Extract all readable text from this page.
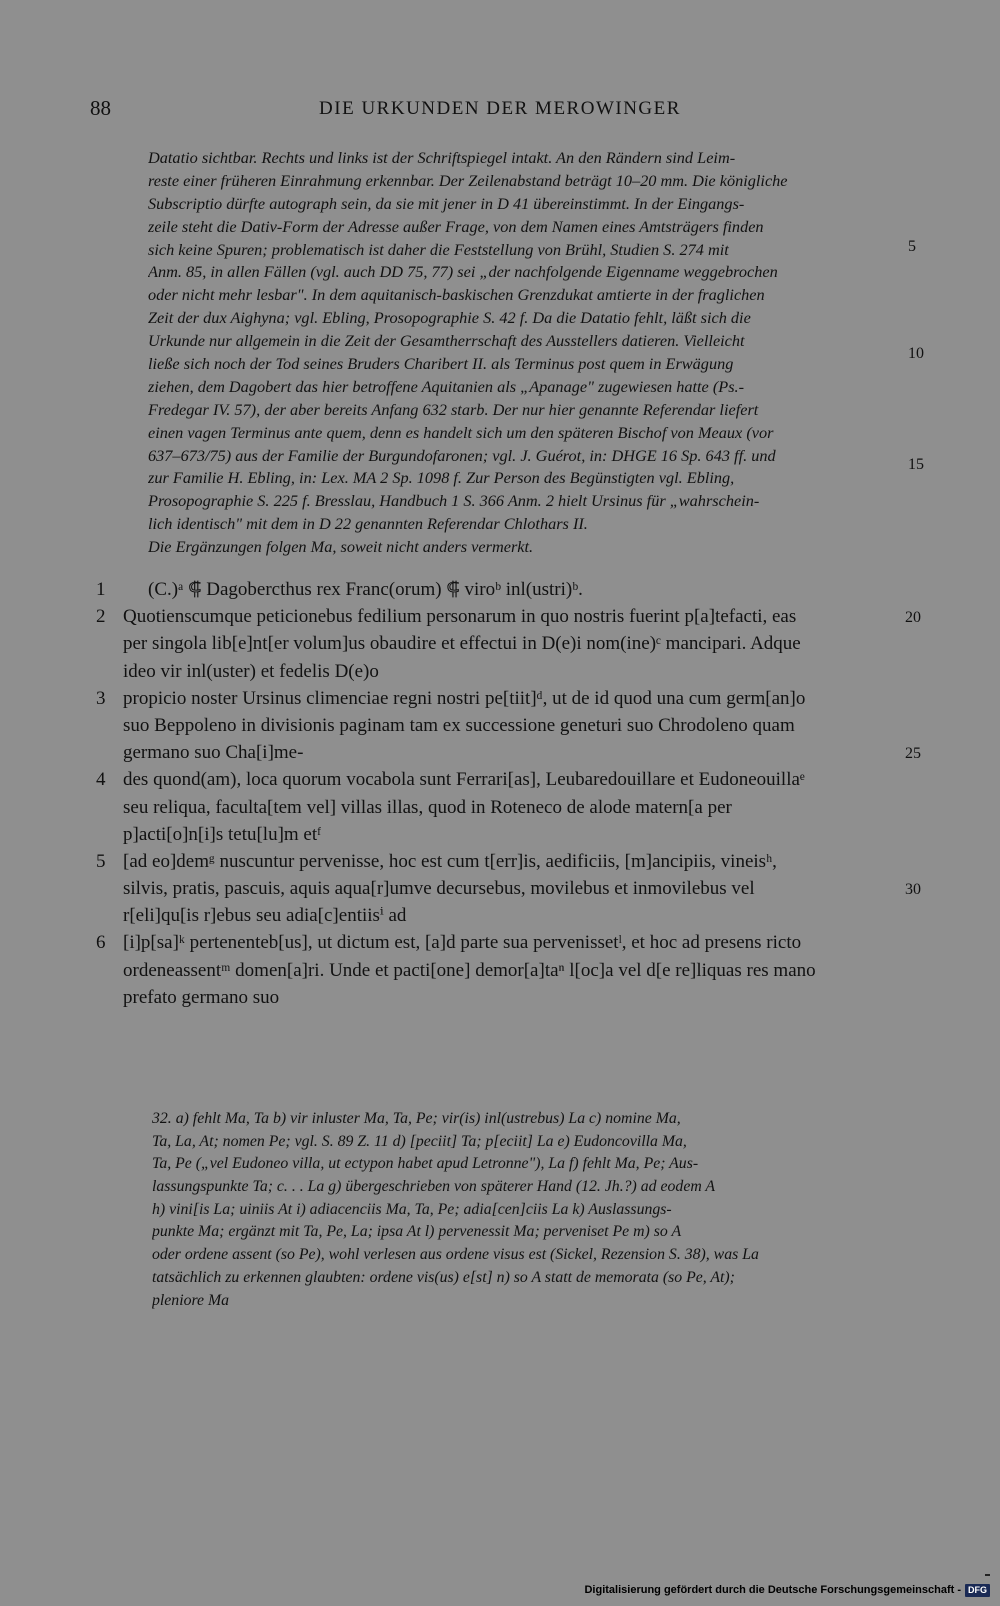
88	DIE URKUNDEN DER MEROWINGER
Datatio sichtbar. Rechts und links ist der Schriftspiegel intakt. An den Rändern sind Leim-
reste einer früheren Einrahmung erkennbar. Der Zeilenabstand beträgt 10–20 mm. Die königliche
Subscriptio dürfte autograph sein, da sie mit jener in D 41 übereinstimmt. In der Eingangs-
zeile steht die Dativ-Form der Adresse außer Frage, von dem Namen eines Amtsträgers finden
sich keine Spuren; problematisch ist daher die Feststellung von Brühl, Studien S. 274 mit
Anm. 85, in allen Fällen (vgl. auch DD 75, 77) sei „der nachfolgende Eigenname weggebrochen
oder nicht mehr lesbar". In dem aquitanisch-baskischen Grenzdukat amtierte in der fraglichen
Zeit der dux Aighyna; vgl. Ebling, Prosopographie S. 42 f. Da die Datatio fehlt, läßt sich die
Urkunde nur allgemein in die Zeit der Gesamtherrschaft des Ausstellers datieren. Vielleicht
ließe sich noch der Tod seines Bruders Charibert II. als Terminus post quem in Erwägung
ziehen, dem Dagobert das hier betroffene Aquitanien als „Apanage" zugewiesen hatte (Ps.-
Fredegar IV. 57), der aber bereits Anfang 632 starb. Der nur hier genannte Referendar liefert
einen vagen Terminus ante quem, denn es handelt sich um den späteren Bischof von Meaux (vor
637–673/75) aus der Familie der Burgundofaronen; vgl. J. Guérot, in: DHGE 16 Sp. 643 ff. und
zur Familie H. Ebling, in: Lex. MA 2 Sp. 1098 f. Zur Person des Begünstigten vgl. Ebling,
Prosopographie S. 225 f. Bresslau, Handbuch 1 S. 366 Anm. 2 hielt Ursinus für „wahrschein-
lich identisch" mit dem in D 22 genannten Referendar Chlothars II.
Die Ergänzungen folgen Ma, soweit nicht anders vermerkt.
5
10
15
1	(C.)ᵃ ⸿ Dagobercthus rex Franc(orum) ⸿ virоᵇ inl(ustri)ᵇ.
2 Quotienscumque peticionebus fedilium personarum in quo nostris fuerint p[a]tefacti, eas
per singola lib[e]nt[er volum]us obaudire et effectui in D(e)i nom(ine)ᶜ mancipari. Adque
ideo vir inl(uster) et fedelis D(e)o
3 propicio noster Ursinus climenciae regni nostri pe[tiit]ᵈ, ut de id quod una cum germ[an]o
suo Beppoleno in divisionis paginam tam ex successione geneturi suo Chrodoleno quam
germano suo Cha[i]me-
4 des quond(am), loca quorum vocabola sunt Ferrari[as], Leubaredouillare et Eudoneouillaᵉ
seu reliqua, faculta[tem vel] villas illas, quod in Roteneco de alode matern[a per
p]acti[o]n[i]s tetu[lu]m etᶠ
5 [ad eo]demᵍ nuscuntur pervenisse, hoc est cum t[err]is, aedificiis, [m]ancipiis, vineisʰ,
silvis, pratis, pascuis, aquis aqua[r]umve decursebus, movilebus et inmovilebus vel
r[eli]qu[is r]ebus seu adia[c]entiisⁱ ad
6 [i]p[sa]ᵏ pertenenteb[us], ut dictum est, [a]d parte sua pervenissetˡ, et hoc ad presens ricto
ordeneassentᵐ domen[a]ri. Unde et pacti[one] demor[a]taⁿ l[oc]a vel d[e re]liquas res mano
prefato germano suo
20
25
30
32. a) fehlt Ma, Ta b) vir inluster Ma, Ta, Pe; vir(is) inl(ustrebus) La c) nomine Ma,
Ta, La, At; nomen Pe; vgl. S. 89 Z. 11 d) [peciit] Ta; p[eciit] La e) Eudoncovilla Ma,
Ta, Pe („vel Eudoneo villa, ut ectypon habet apud Letronne"), La f) fehlt Ma, Pe; Aus-
lassungspunkte Ta; c. . . La g) übergeschrieben von späterer Hand (12. Jh.?) ad eodem A
h) vini[is La; uiniis At i) adiacenciis Ma, Ta, Pe; adia[cen]ciis La k) Auslassungs-
punkte Ma; ergänzt mit Ta, Pe, La; ipsa At l) pervenessit Ma; perveniset Pe m) so A
oder ordene assent (so Pe), wohl verlesen aus ordene visus est (Sickel, Rezension S. 38), was La
tatsächlich zu erkennen glaubten: ordene vis(us) e[st] n) so A statt de memorata (so Pe, At);
pleniore Ma
Digitalisierung gefördert durch die Deutsche Forschungsgemeinschaft - DFG
